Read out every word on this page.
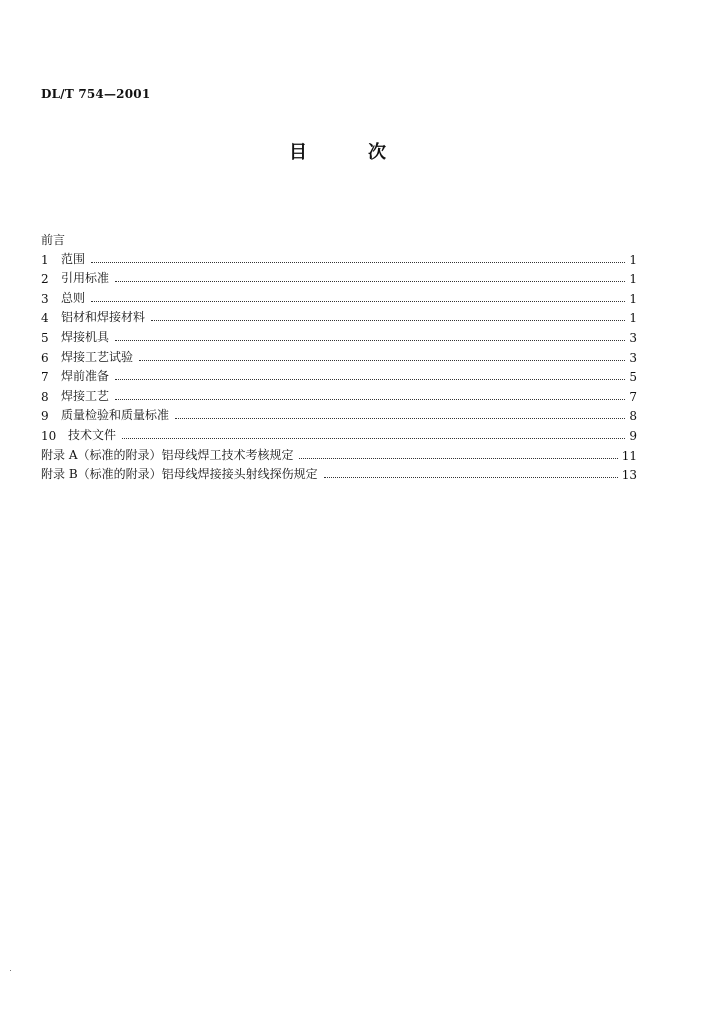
DL/T 754—2001
目	次
前言
1	范围	1
2	引用标准	1
3	总则	1
4	铝材和焊接材料	1
5	焊接机具	3
6	焊接工艺试验	3
7	焊前准备	5
8	焊接工艺	7
9	质量检验和质量标准	8
10 技术文件	9
附录 A（标准的附录）铝母线焊工技术考核规定	11
附录 B（标准的附录）铝母线焊接接头射线探伤规定	13
